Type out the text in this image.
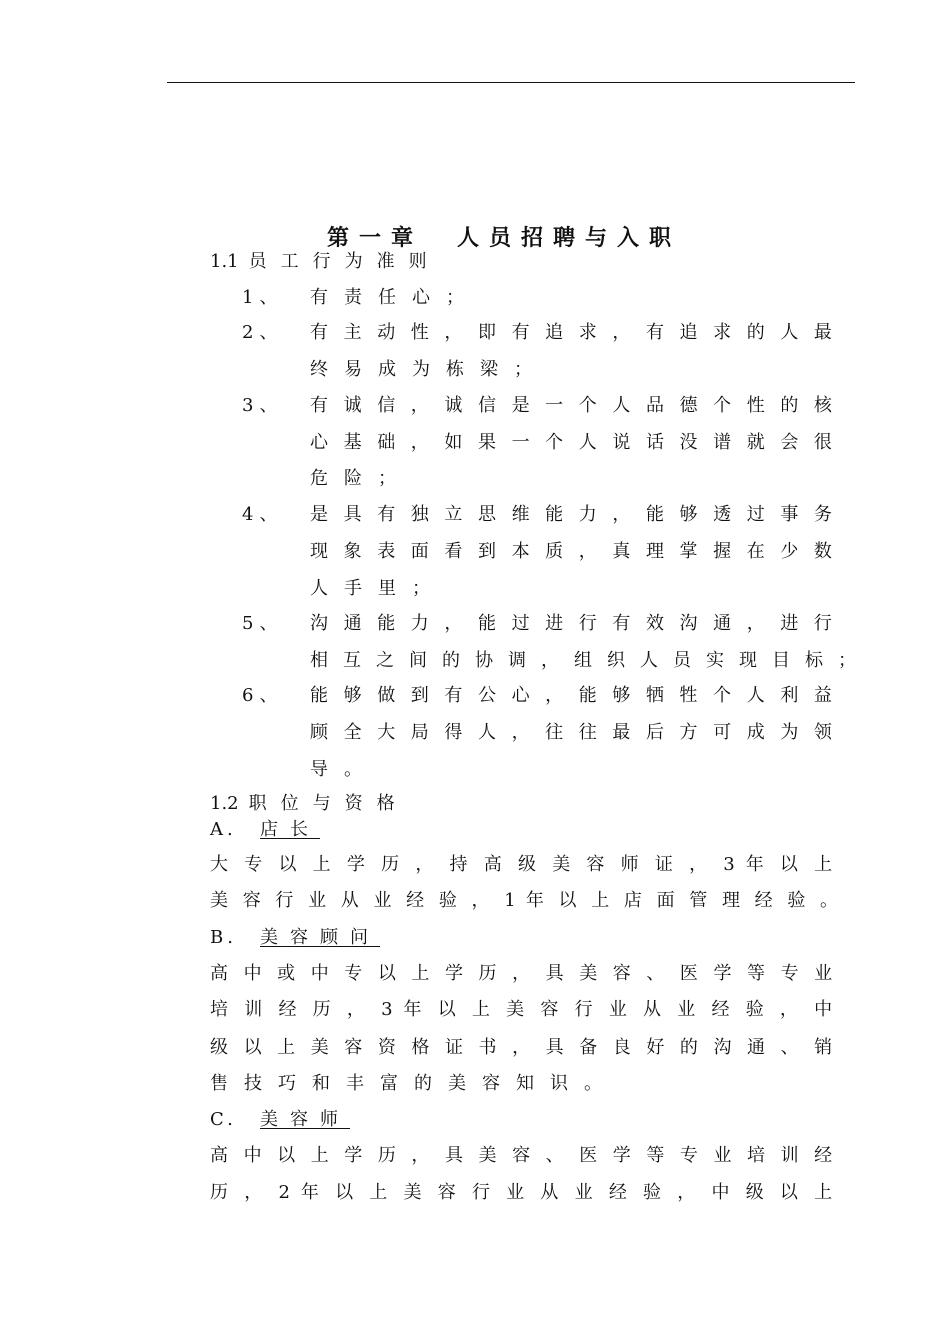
第一章 人员招聘与入职
1.1 员工行为准则
1、 有责任心；
2、 有 主 动 性 ， 即 有 追 求 ， 有 追 求 的 人 最
终易成为栋梁；
3、 有 诚 信 ， 诚 信 是 一 个 人 品 德 个 性 的 核
心 基 础 ， 如 果 一 个 人 说 话 没 谱 就 会 很
危险；
4、 是 具 有 独 立 思 维 能 力 ， 能 够 透 过 事 务
现 象 表 面 看 到 本 质 ， 真 理 掌 握 在 少 数
人手里；
5、 沟 通 能 力 ， 能 过 进 行 有 效 沟 通 ， 进 行
相 互 之 间 的 协 调 ， 组 织 人 员 实 现 目 标 ；
6、 能 够 做 到 有 公 心 ， 能 够 牺 牲 个 人 利 益
顾 全 大 局 得 人 ， 往 往 最 后 方 可 成 为 领
导。
1.2 职位与资格
A. 店长
大 专 以 上 学 历 ， 持 高 级 美 容 师 证 ， 3 年 以 上
美 容 行 业 从 业 经 验 ， 1 年 以 上 店 面 管 理 经 验 。
B. 美容顾问
高 中 或 中 专 以 上 学 历 ， 具 美 容 、 医 学 等 专 业
培 训 经 历 ， 3 年 以 上 美 容 行 业 从 业 经 验 ， 中
级 以 上 美 容 资 格 证 书 ， 具 备 良 好 的 沟 通 、 销
售技巧和丰富的美容知识。
C. 美容师
高 中 以 上 学 历 ， 具 美 容 、 医 学 等 专 业 培 训 经
历 ， 2 年 以 上 美 容 行 业 从 业 经 验 ， 中 级 以 上
